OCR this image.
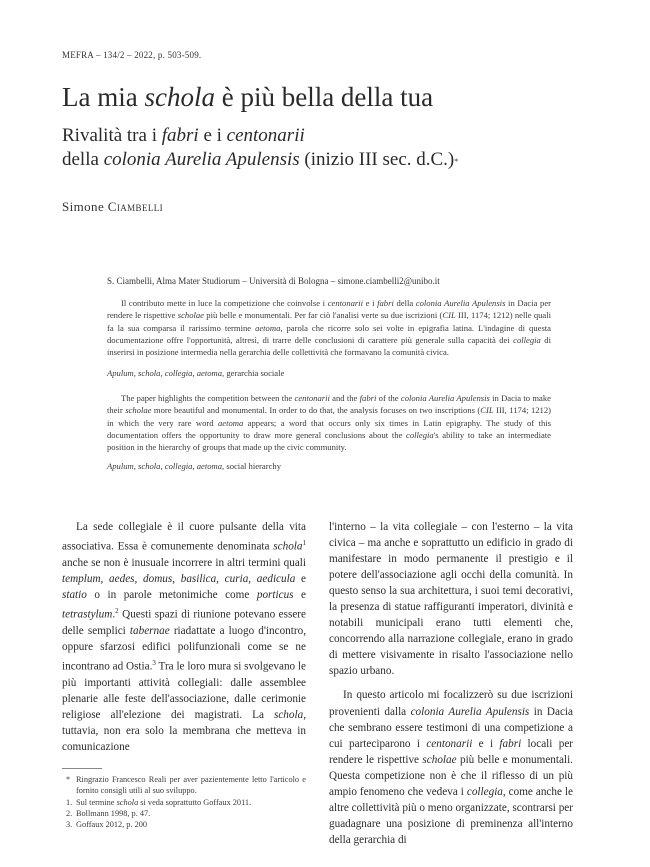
MEFRA – 134/2 – 2022, p. 503-509.
La mia schola è più bella della tua
Rivalità tra i fabri e i centonarii
della colonia Aurelia Apulensis (inizio III sec. d.C.)*
Simone Ciambelli
S. Ciambelli, Alma Mater Studiorum – Università di Bologna – simone.ciambelli2@unibo.it

Il contributo mette in luce la competizione che coinvolse i centonarii e i fabri della colonia Aurelia Apulensis in Dacia per rendere le rispettive scholae più belle e monumentali. Per far ciò l'analisi verte su due iscrizioni (CIL III, 1174; 1212) nelle quali fa la sua comparsa il rarissimo termine aetoma, parola che ricorre solo sei volte in epigrafia latina. L'indagine di questa documentazione offre l'opportunità, altresì, di trarre delle conclusioni di carattere più generale sulla capacità dei collegia di inserirsi in posizione intermedia nella gerarchia delle collettività che formavano la comunità civica.

Apulum, schola, collegia, aetoma, gerarchia sociale

The paper highlights the competition between the centonarii and the fabri of the colonia Aurelia Apulensis in Dacia to make their scholae more beautiful and monumental. In order to do that, the analysis focuses on two inscriptions (CIL III, 1174; 1212) in which the very rare word aetoma appears; a word that occurs only six times in Latin epigraphy. The study of this documentation offers the opportunity to draw more general conclusions about the collegia's ability to take an intermediate position in the hierarchy of groups that made up the civic community.

Apulum, schola, collegia, aetoma, social hierarchy

La sede collegiale è il cuore pulsante della vita associativa. Essa è comunemente denominata schola$^1$ anche se non è inusuale incorrere in altri termini quali templum, aedes, domus, basilica, curia, aedicula e statio o in parole metonimiche come porticus e tetrastylum.$^2$ Questi spazi di riunione potevano essere delle semplici tabernae riadattate a luogo d'incontro, oppure sfarzosi edifici polifunzionali come se ne incontrano ad Ostia.$^3$ Tra le loro mura si svolgevano le più importanti attività collegiali: dalle assemblee plenarie alle feste dell'associazione, dalle cerimonie religiose all'elezione dei magistrati. La schola, tuttavia, non era solo la membrana che metteva in comunicazione

l'interno – la vita collegiale – con l'esterno – la vita civica – ma anche e soprattutto un edificio in grado di manifestare in modo permanente il prestigio e il potere dell'associazione agli occhi della comunità. In questo senso la sua architettura, i suoi temi decorativi, la presenza di statue raffiguranti imperatori, divinità e notabili municipali erano tutti elementi che, concorrendo alla narrazione collegiale, erano in grado di mettere visivamente in risalto l'associazione nello spazio urbano.

In questo articolo mi focalizzerò su due iscrizioni provenienti dalla colonia Aurelia Apulensis in Dacia che sembrano essere testimoni di una competizione a cui parteciparono i centonarii e i fabri locali per rendere le rispettive scholae più belle e monumentali. Questa competizione non è che il riflesso di un più ampio fenomeno che vedeva i collegia, come anche le altre collettività più o meno organizzate, scontrarsi per guadagnare una posizione di preminenza all'interno della gerarchia di

* Ringrazio Francesco Reali per aver pazientemente letto l'articolo e fornito consigli utili al suo sviluppo.
1. Sul termine schola si veda soprattutto Goffaux 2011.
2. Bollmann 1998, p. 47.
3. Goffaux 2012, p. 200
